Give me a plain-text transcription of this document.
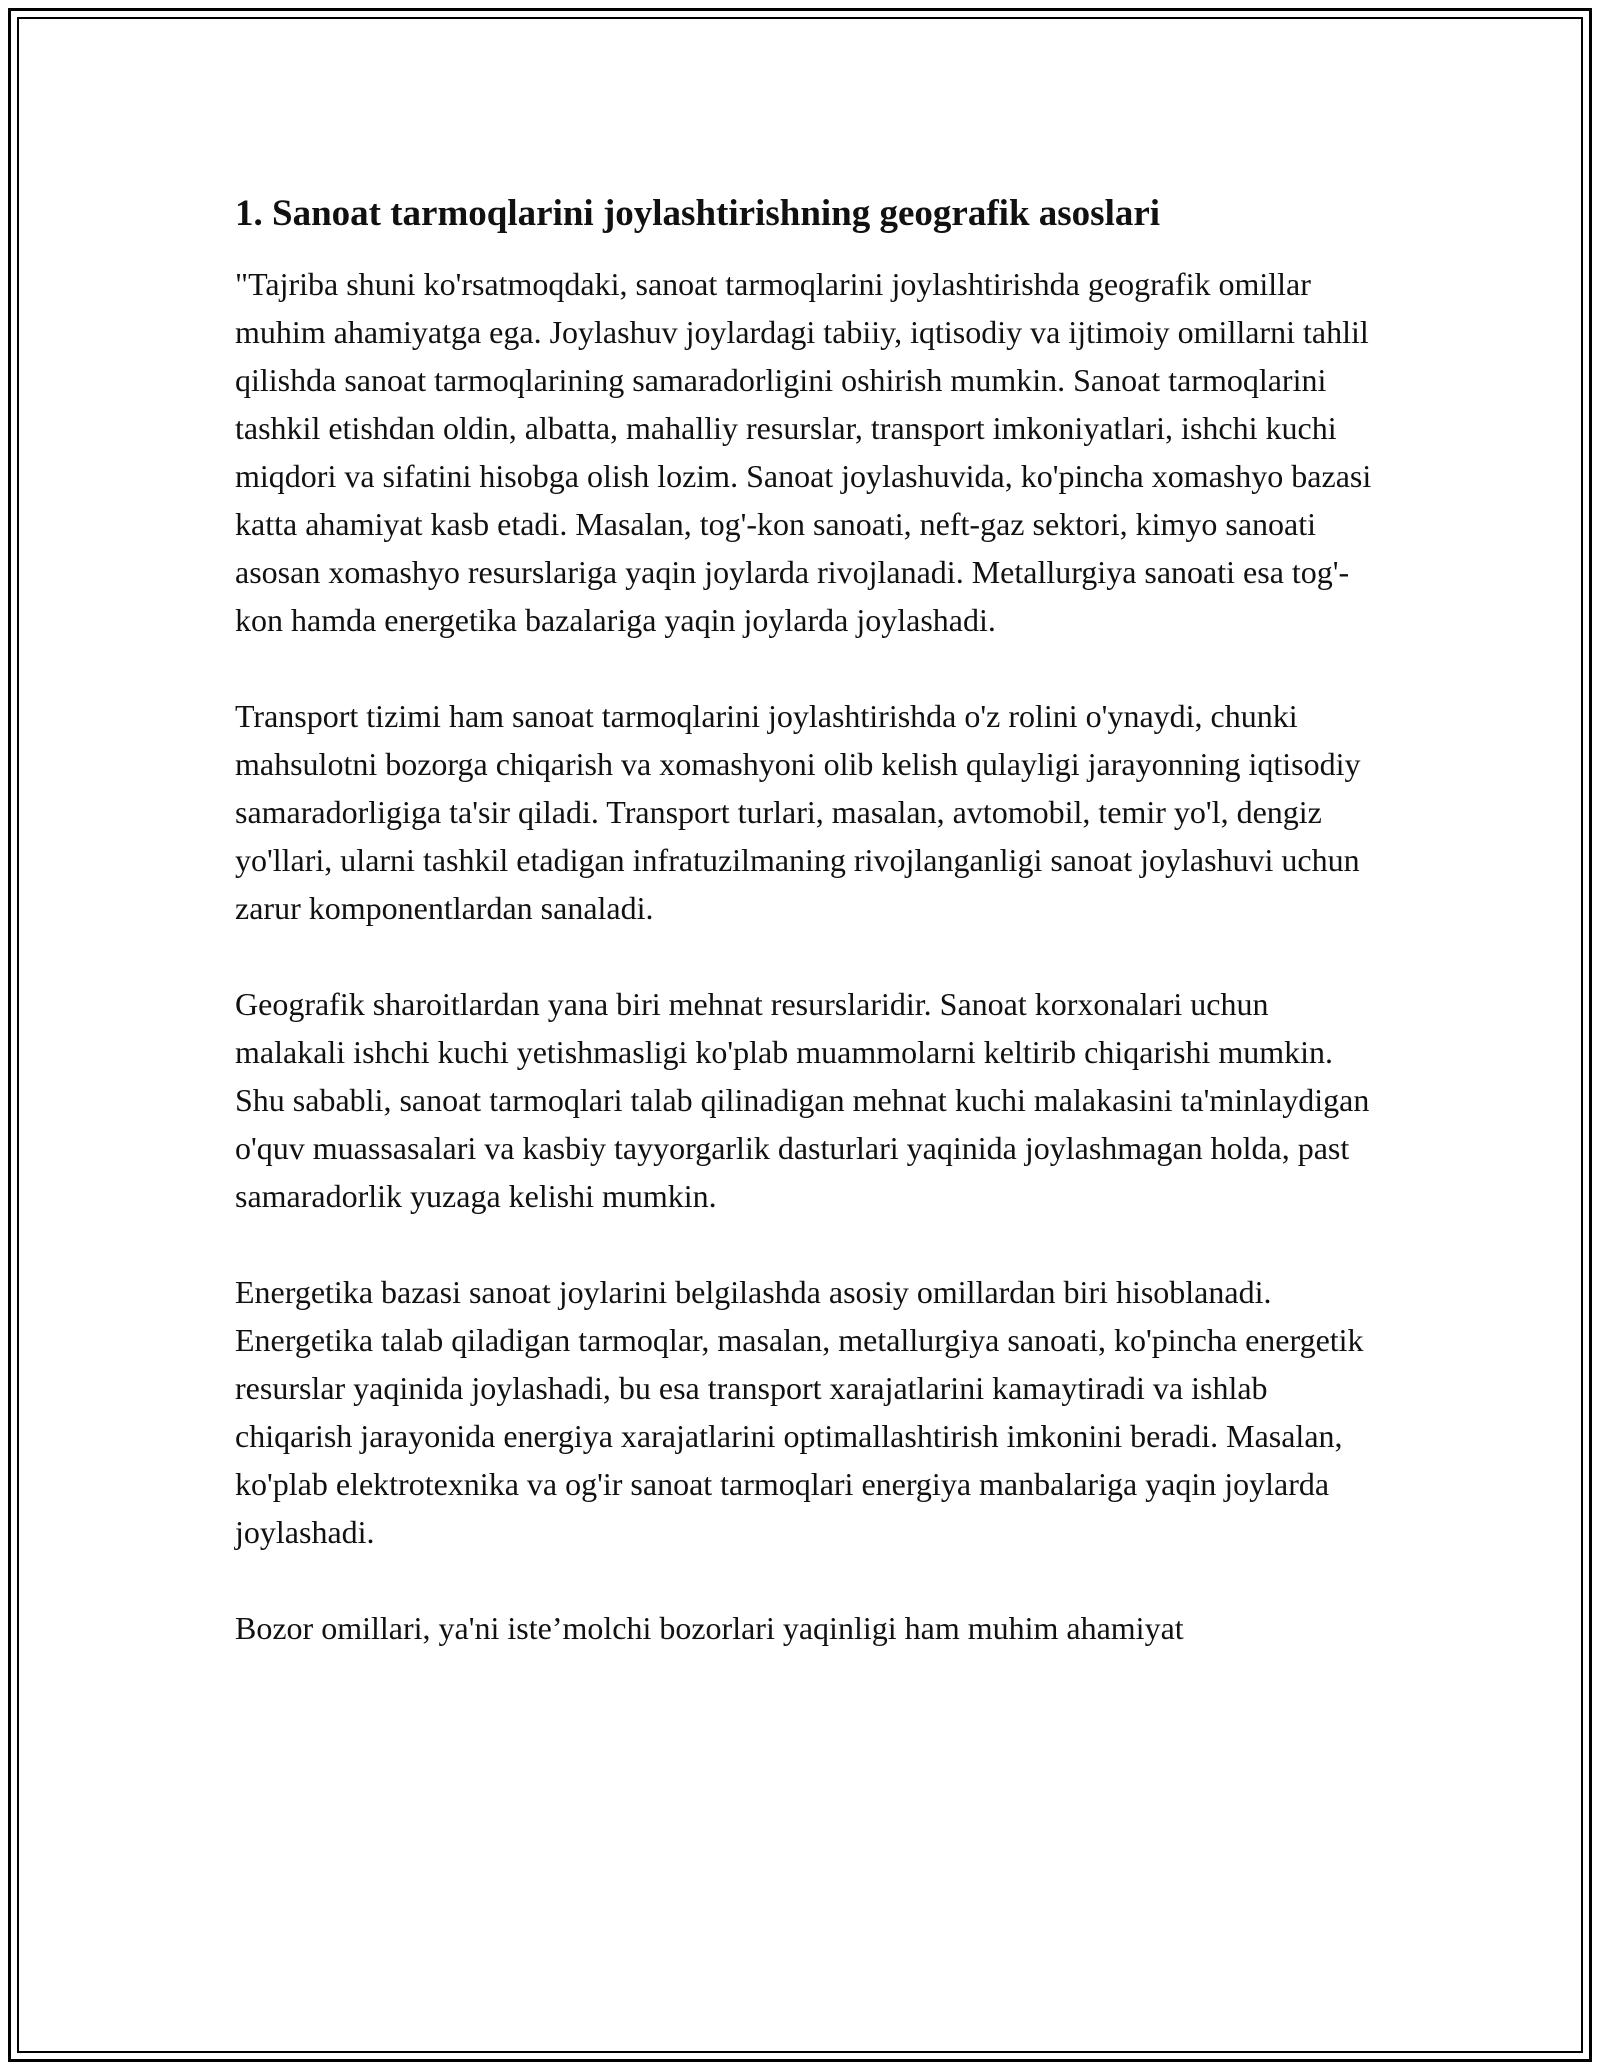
1. Sanoat tarmoqlarini joylashtirishning geografik asoslari

"Tajriba shuni ko'rsatmoqdaki, sanoat tarmoqlarini joylashtirishda geografik omillar muhim ahamiyatga ega. Joylashuv joylardagi tabiiy, iqtisodiy va ijtimoiy omillarni tahlil qilishda sanoat tarmoqlarining samaradorligini oshirish mumkin. Sanoat tarmoqlarini tashkil etishdan oldin, albatta, mahalliy resurslar, transport imkoniyatlari, ishchi kuchi miqdori va sifatini hisobga olish lozim. Sanoat joylashuvida, ko'pincha xomashyo bazasi katta ahamiyat kasb etadi. Masalan, tog'-kon sanoati, neft-gaz sektori, kimyo sanoati asosan xomashyo resurslariga yaqin joylarda rivojlanadi. Metallurgiya sanoati esa tog'-kon hamda energetika bazalariga yaqin joylarda joylashadi.

Transport tizimi ham sanoat tarmoqlarini joylashtirishda o'z rolini o'ynaydi, chunki mahsulotni bozorga chiqarish va xomashyoni olib kelish qulayligi jarayonning iqtisodiy samaradorligiga ta'sir qiladi. Transport turlari, masalan, avtomobil, temir yo'l, dengiz yo'llari, ularni tashkil etadigan infratuzilmaning rivojlanganligi sanoat joylashuvi uchun zarur komponentlardan sanaladi.

Geografik sharoitlardan yana biri mehnat resurslaridir. Sanoat korxonalari uchun malakali ishchi kuchi yetishmasligi ko'plab muammolarni keltirib chiqarishi mumkin. Shu sababli, sanoat tarmoqlari talab qilinadigan mehnat kuchi malakasini ta'minlaydigan o'quv muassasalari va kasbiy tayyorgarlik dasturlari yaqinida joylashmagan holda, past samaradorlik yuzaga kelishi mumkin.

Energetika bazasi sanoat joylarini belgilashda asosiy omillardan biri hisoblanadi. Energetika talab qiladigan tarmoqlar, masalan, metallurgiya sanoati, ko'pincha energetik resurslar yaqinida joylashadi, bu esa transport xarajatlarini kamaytiradi va ishlab chiqarish jarayonida energiya xarajatlarini optimallashtirish imkonini beradi. Masalan, ko'plab elektrotexnika va og'ir sanoat tarmoqlari energiya manbalariga yaqin joylarda joylashadi.

Bozor omillari, ya'ni iste’molchi bozorlari yaqinligi ham muhim ahamiyat
